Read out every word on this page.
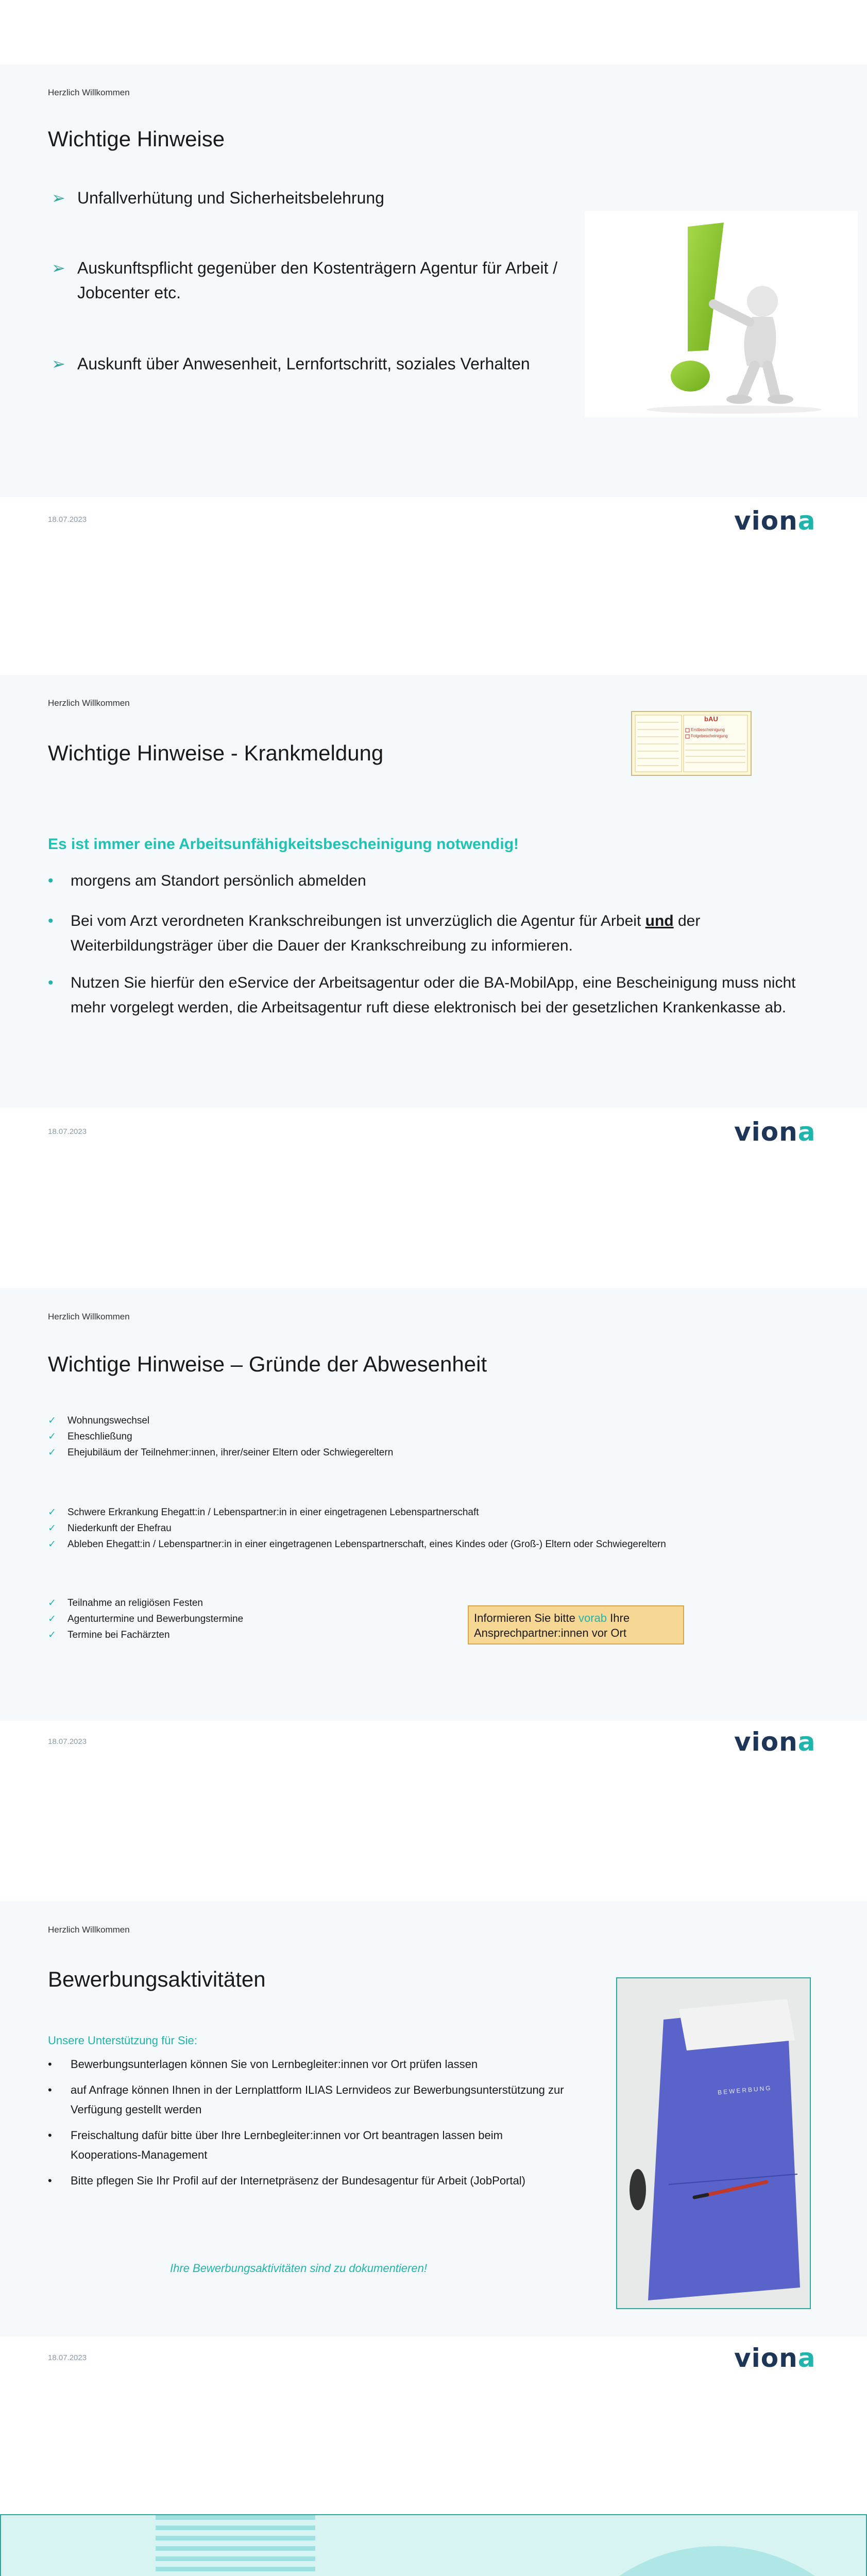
Herzlich Willkommen
Wichtige Hinweise
➢ Unfallverhütung und Sicherheitsbelehrung
➢ Auskunftspflicht gegenüber den Kostenträgern Agentur für Arbeit / Jobcenter etc.
➢ Auskunft über Anwesenheit, Lernfortschritt, soziales Verhalten
18.07.2023	viona
Herzlich Willkommen
Wichtige Hinweise - Krankmeldung
bAU
Erstbescheinigung
Folgebescheinigung
Es ist immer eine Arbeitsunfähigkeitsbescheinigung notwendig!
• morgens am Standort persönlich abmelden
• Bei vom Arzt verordneten Krankschreibungen ist unverzüglich die Agentur für Arbeit und der Weiterbildungsträger über die Dauer der Krankschreibung zu informieren.
• Nutzen Sie hierfür den eService der Arbeitsagentur oder die BA-MobilApp, eine Bescheinigung muss nicht mehr vorgelegt werden, die Arbeitsagentur ruft diese elektronisch bei der gesetzlichen Krankenkasse ab.
18.07.2023	viona
Herzlich Willkommen
Wichtige Hinweise – Gründe der Abwesenheit
✓ Wohnungswechsel
✓ Eheschließung
✓ Ehejubiläum der Teilnehmer:innen, ihrer/seiner Eltern oder Schwiegereltern
✓ Schwere Erkrankung Ehegatt:in / Lebenspartner:in in einer eingetragenen Lebenspartnerschaft
✓ Niederkunft der Ehefrau
✓ Ableben Ehegatt:in / Lebenspartner:in in einer eingetragenen Lebenspartnerschaft, eines Kindes oder (Groß-) Eltern oder Schwiegereltern
✓ Teilnahme an religiösen Festen
✓ Agenturtermine und Bewerbungstermine
✓ Termine bei Fachärzten
Informieren Sie bitte vorab Ihre Ansprechpartner:innen vor Ort
18.07.2023	viona
Herzlich Willkommen
Bewerbungsaktivitäten
Unsere Unterstützung für Sie:
• Bewerbungsunterlagen können Sie von Lernbegleiter:innen vor Ort prüfen lassen
• auf Anfrage können Ihnen in der Lernplattform ILIAS Lernvideos zur Bewerbungsunterstützung zur Verfügung gestellt werden
• Freischaltung dafür bitte über Ihre Lernbegleiter:innen vor Ort beantragen lassen beim Kooperations-Management
• Bitte pflegen Sie Ihr Profil auf der Internetpräsenz der Bundesagentur für Arbeit (JobPortal)
Ihre Bewerbungsaktivitäten sind zu dokumentieren!
BEWERBUNG
18.07.2023	viona
